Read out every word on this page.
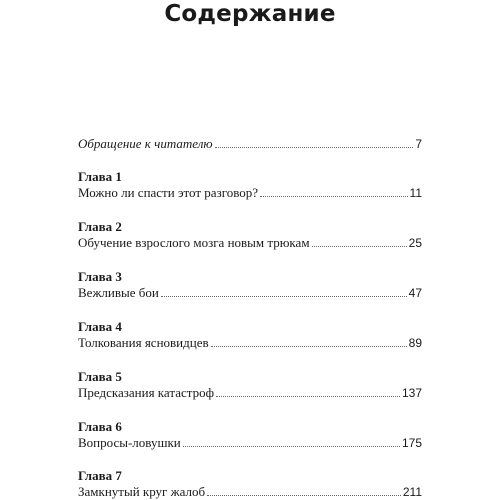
Содержание
Обращение к читателю	7
Глава 1
Можно ли спасти этот разговор?	11
Глава 2
Обучение взрослого мозга новым трюкам	25
Глава 3
Вежливые бои	47
Глава 4
Толкования ясновидцев	89
Глава 5
Предсказания катастроф	137
Глава 6
Вопросы-ловушки	175
Глава 7
Замкнутый круг жалоб	211
